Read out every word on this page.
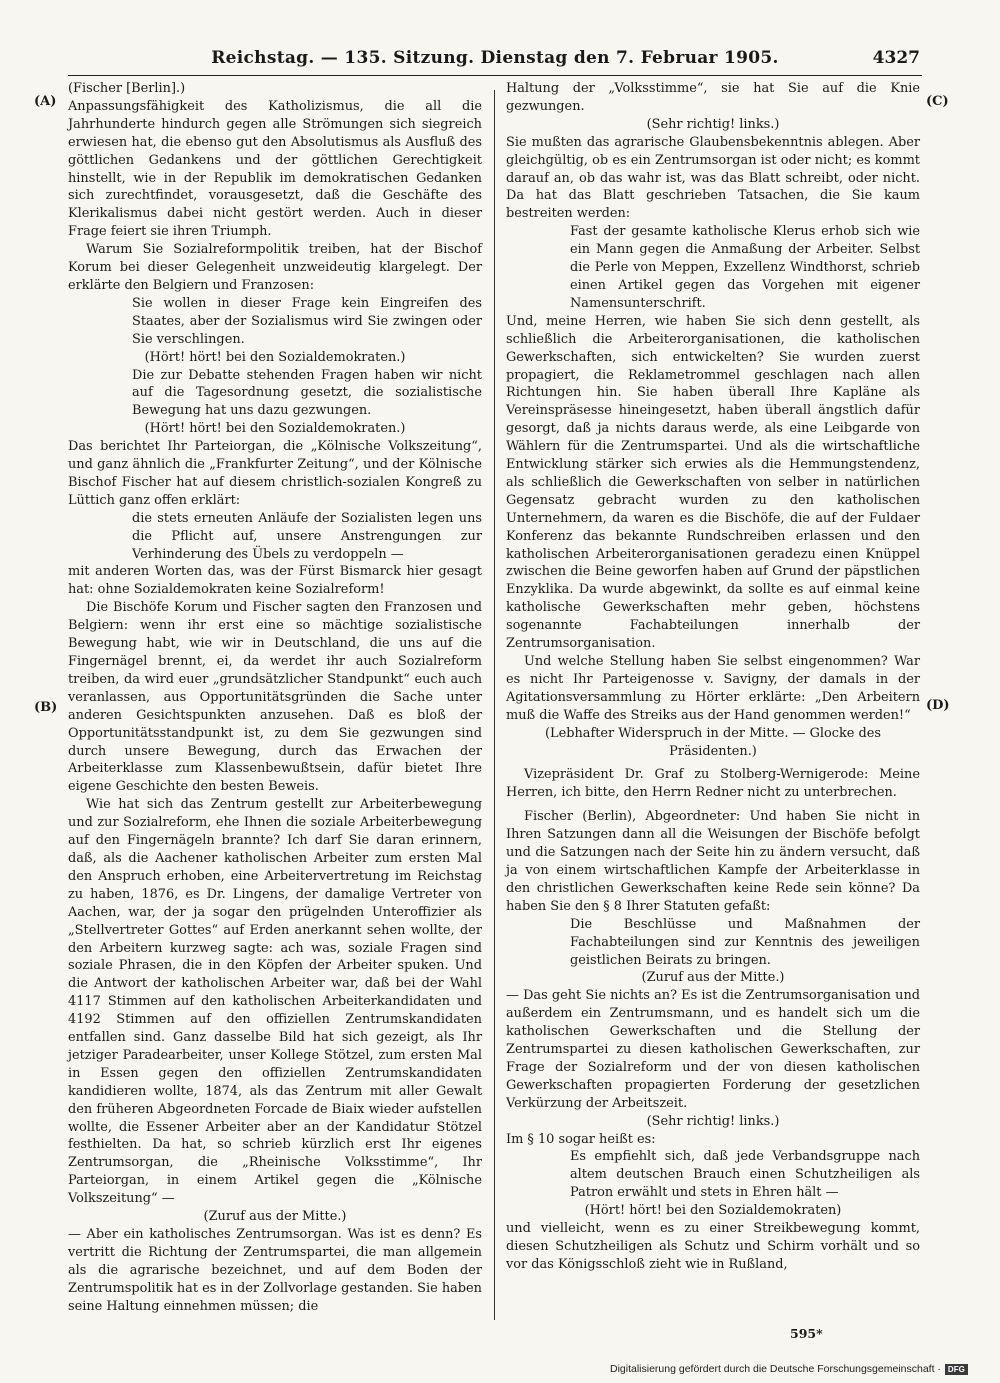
Reichstag. — 135. Sitzung. Dienstag den 7. Februar 1905.	4327
(A)
(B)
(C)
(D)

(Fischer [Berlin].)

Anpassungsfähigkeit des Katholizismus, die all die Jahrhunderte hindurch gegen alle Strömungen sich siegreich erwiesen hat, die ebenso gut den Absolutismus als Ausfluß des göttlichen Gedankens und der göttlichen Gerechtigkeit hinstellt, wie in der Republik im demokratischen Gedanken sich zurechtfindet, vorausgesetzt, daß die Geschäfte des Klerikalismus dabei nicht gestört werden. Auch in dieser Frage feiert sie ihren Triumph.

Warum Sie Sozialreformpolitik treiben, hat der Bischof Korum bei dieser Gelegenheit unzweideutig klargelegt. Der erklärte den Belgiern und Franzosen:

Sie wollen in dieser Frage kein Eingreifen des Staates, aber der Sozialismus wird Sie zwingen oder Sie verschlingen.

(Hört! hört! bei den Sozialdemokraten.)

Die zur Debatte stehenden Fragen haben wir nicht auf die Tagesordnung gesetzt, die sozialistische Bewegung hat uns dazu gezwungen.

(Hört! hört! bei den Sozialdemokraten.)

Das berichtet Ihr Parteiorgan, die „Kölnische Volkszeitung“, und ganz ähnlich die „Frankfurter Zeitung“, und der Kölnische Bischof Fischer hat auf diesem christlich-sozialen Kongreß zu Lüttich ganz offen erklärt:

die stets erneuten Anläufe der Sozialisten legen uns die Pflicht auf, unsere Anstrengungen zur Verhinderung des Übels zu verdoppeln —

mit anderen Worten das, was der Fürst Bismarck hier gesagt hat: ohne Sozialdemokraten keine Sozialreform!

Die Bischöfe Korum und Fischer sagten den Franzosen und Belgiern: wenn ihr erst eine so mächtige sozialistische Bewegung habt, wie wir in Deutschland, die uns auf die Fingernägel brennt, ei, da werdet ihr auch Sozialreform treiben, da wird euer „grundsätzlicher Standpunkt“ euch auch veranlassen, aus Opportunitätsgründen die Sache unter anderen Gesichtspunkten anzusehen. Daß es bloß der Opportunitätsstandpunkt ist, zu dem Sie gezwungen sind durch unsere Bewegung, durch das Erwachen der Arbeiterklasse zum Klassenbewußtsein, dafür bietet Ihre eigene Geschichte den besten Beweis.

Wie hat sich das Zentrum gestellt zur Arbeiterbewegung und zur Sozialreform, ehe Ihnen die soziale Arbeiterbewegung auf den Fingernägeln brannte? Ich darf Sie daran erinnern, daß, als die Aachener katholischen Arbeiter zum ersten Mal den Anspruch erhoben, eine Arbeitervertretung im Reichstag zu haben, 1876, es Dr. Lingens, der damalige Vertreter von Aachen, war, der ja sogar den prügelnden Unteroffizier als „Stellvertreter Gottes“ auf Erden anerkannt sehen wollte, der den Arbeitern kurzweg sagte: ach was, soziale Fragen sind soziale Phrasen, die in den Köpfen der Arbeiter spuken. Und die Antwort der katholischen Arbeiter war, daß bei der Wahl 4117 Stimmen auf den katholischen Arbeiterkandidaten und 4192 Stimmen auf den offiziellen Zentrumskandidaten entfallen sind. Ganz dasselbe Bild hat sich gezeigt, als Ihr jetziger Paradearbeiter, unser Kollege Stötzel, zum ersten Mal in Essen gegen den offiziellen Zentrumskandidaten kandidieren wollte, 1874, als das Zentrum mit aller Gewalt den früheren Abgeordneten Forcade de Biaix wieder aufstellen wollte, die Essener Arbeiter aber an der Kandidatur Stötzel festhielten. Da hat, so schrieb kürzlich erst Ihr eigenes Zentrumsorgan, die „Rheinische Volksstimme“, Ihr Parteiorgan, in einem Artikel gegen die „Kölnische Volkszeitung“ —

(Zuruf aus der Mitte.)

— Aber ein katholisches Zentrumsorgan. Was ist es denn? Es vertritt die Richtung der Zentrumspartei, die man allgemein als die agrarische bezeichnet, und auf dem Boden der Zentrumspolitik hat es in der Zollvorlage gestanden. Sie haben seine Haltung einnehmen müssen; die

Haltung der „Volksstimme“, sie hat Sie auf die Knie gezwungen.

(Sehr richtig! links.)

Sie mußten das agrarische Glaubensbekenntnis ablegen. Aber gleichgültig, ob es ein Zentrumsorgan ist oder nicht; es kommt darauf an, ob das wahr ist, was das Blatt schreibt, oder nicht. Da hat das Blatt geschrieben Tatsachen, die Sie kaum bestreiten werden:

Fast der gesamte katholische Klerus erhob sich wie ein Mann gegen die Anmaßung der Arbeiter. Selbst die Perle von Meppen, Exzellenz Windthorst, schrieb einen Artikel gegen das Vorgehen mit eigener Namensunterschrift.

Und, meine Herren, wie haben Sie sich denn gestellt, als schließlich die Arbeiterorganisationen, die katholischen Gewerkschaften, sich entwickelten? Sie wurden zuerst propagiert, die Reklametrommel geschlagen nach allen Richtungen hin. Sie haben überall Ihre Kapläne als Vereinspräsesse hineingesetzt, haben überall ängstlich dafür gesorgt, daß ja nichts daraus werde, als eine Leibgarde von Wählern für die Zentrumspartei. Und als die wirtschaftliche Entwicklung stärker sich erwies als die Hemmungstendenz, als schließlich die Gewerkschaften von selber in natürlichen Gegensatz gebracht wurden zu den katholischen Unternehmern, da waren es die Bischöfe, die auf der Fuldaer Konferenz das bekannte Rundschreiben erlassen und den katholischen Arbeiterorganisationen geradezu einen Knüppel zwischen die Beine geworfen haben auf Grund der päpstlichen Enzyklika. Da wurde abgewinkt, da sollte es auf einmal keine katholische Gewerkschaften mehr geben, höchstens sogenannte Fachabteilungen innerhalb der Zentrumsorganisation.

Und welche Stellung haben Sie selbst eingenommen? War es nicht Ihr Parteigenosse v. Savigny, der damals in der Agitationsversammlung zu Hörter erklärte: „Den Arbeitern muß die Waffe des Streiks aus der Hand genommen werden!“

(Lebhafter Widerspruch in der Mitte. — Glocke des Präsidenten.)

Vizepräsident Dr. Graf zu Stolberg-Wernigerode: Meine Herren, ich bitte, den Herrn Redner nicht zu unterbrechen.

Fischer (Berlin), Abgeordneter: Und haben Sie nicht in Ihren Satzungen dann all die Weisungen der Bischöfe befolgt und die Satzungen nach der Seite hin zu ändern versucht, daß ja von einem wirtschaftlichen Kampfe der Arbeiterklasse in den christlichen Gewerkschaften keine Rede sein könne? Da haben Sie den § 8 Ihrer Statuten gefaßt:

Die Beschlüsse und Maßnahmen der Fachabteilungen sind zur Kenntnis des jeweiligen geistlichen Beirats zu bringen.

(Zuruf aus der Mitte.)

— Das geht Sie nichts an? Es ist die Zentrumsorganisation und außerdem ein Zentrumsmann, und es handelt sich um die katholischen Gewerkschaften und die Stellung der Zentrumspartei zu diesen katholischen Gewerkschaften, zur Frage der Sozialreform und der von diesen katholischen Gewerkschaften propagierten Forderung der gesetzlichen Verkürzung der Arbeitszeit.

(Sehr richtig! links.)

Im § 10 sogar heißt es:

Es empfiehlt sich, daß jede Verbandsgruppe nach altem deutschen Brauch einen Schutzheiligen als Patron erwählt und stets in Ehren hält —

(Hört! hört! bei den Sozialdemokraten)

und vielleicht, wenn es zu einer Streikbewegung kommt, diesen Schutzheiligen als Schutz und Schirm vorhält und so vor das Königsschloß zieht wie in Rußland,

595*
Digitalisierung gefördert durch die Deutsche Forschungsgemeinschaft · DFG
